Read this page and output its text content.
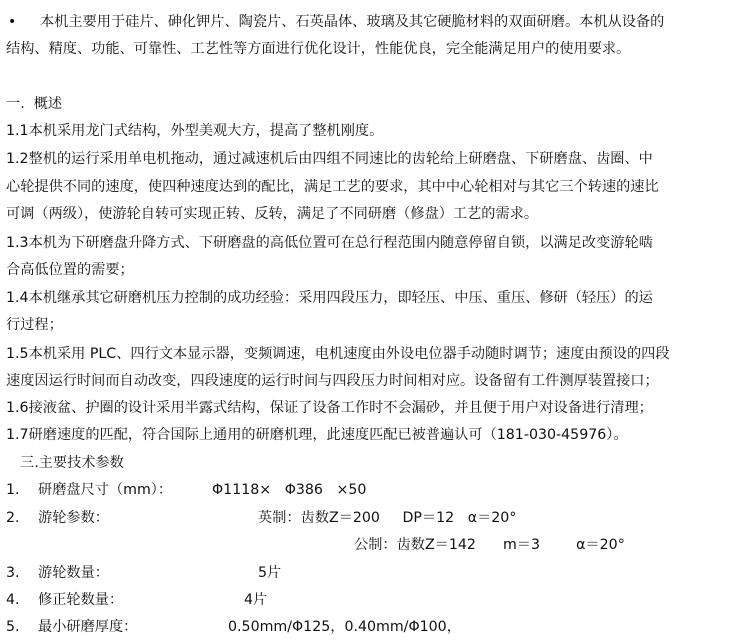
• 本机主要用于硅片、砷化钾片、陶瓷片、石英晶体、玻璃及其它硬脆材料的双面研磨。本机从设备的
结构、精度、功能、可靠性、工艺性等方面进行优化设计，性能优良，完全能满足用户的使用要求。
一.  概述
1.1本机采用龙门式结构，外型美观大方，提高了整机刚度。
1.2整机的运行采用单电机拖动，通过减速机后由四组不同速比的齿轮给上研磨盘、下研磨盘、齿圈、中
心轮提供不同的速度，使四种速度达到的配比，满足工艺的要求，其中中心轮相对与其它三个转速的速比
可调（两级），使游轮自转可实现正转、反转，满足了不同研磨（修盘）工艺的需求。
1.3本机为下研磨盘升降方式、下研磨盘的高低位置可在总行程范围内随意停留自锁，以满足改变游轮啮
合高低位置的需要；
1.4本机继承其它研磨机压力控制的成功经验：采用四段压力，即轻压、中压、重压、修研（轻压）的运
行过程；
1.5本机采用 PLC、四行文本显示器，变频调速，电机速度由外设电位器手动随时调节；速度由预设的四段
速度因运行时间而自动改变，四段速度的运行时间与四段压力时间相对应。设备留有工件测厚装置接口；
1.6接液盆、护圈的设计采用半露式结构，保证了设备工作时不会漏砂，并且便于用户对设备进行清理；
1.7研磨速度的匹配，符合国际上通用的研磨机理，此速度匹配已被普遍认可（181-030-45976）。
三.主要技术参数
1. 研磨盘尺寸（mm）：	Φ1118×   Φ386   ×50
2. 游轮参数：	英制：齿数Z＝200     DP＝12   α＝20°
公制：齿数Z＝142      m＝3        α＝20°
3. 游轮数量：	5片
4. 修正轮数量：	4片
5. 最小研磨厚度：	0.50mm/Φ125，0.40mm/Φ100，
